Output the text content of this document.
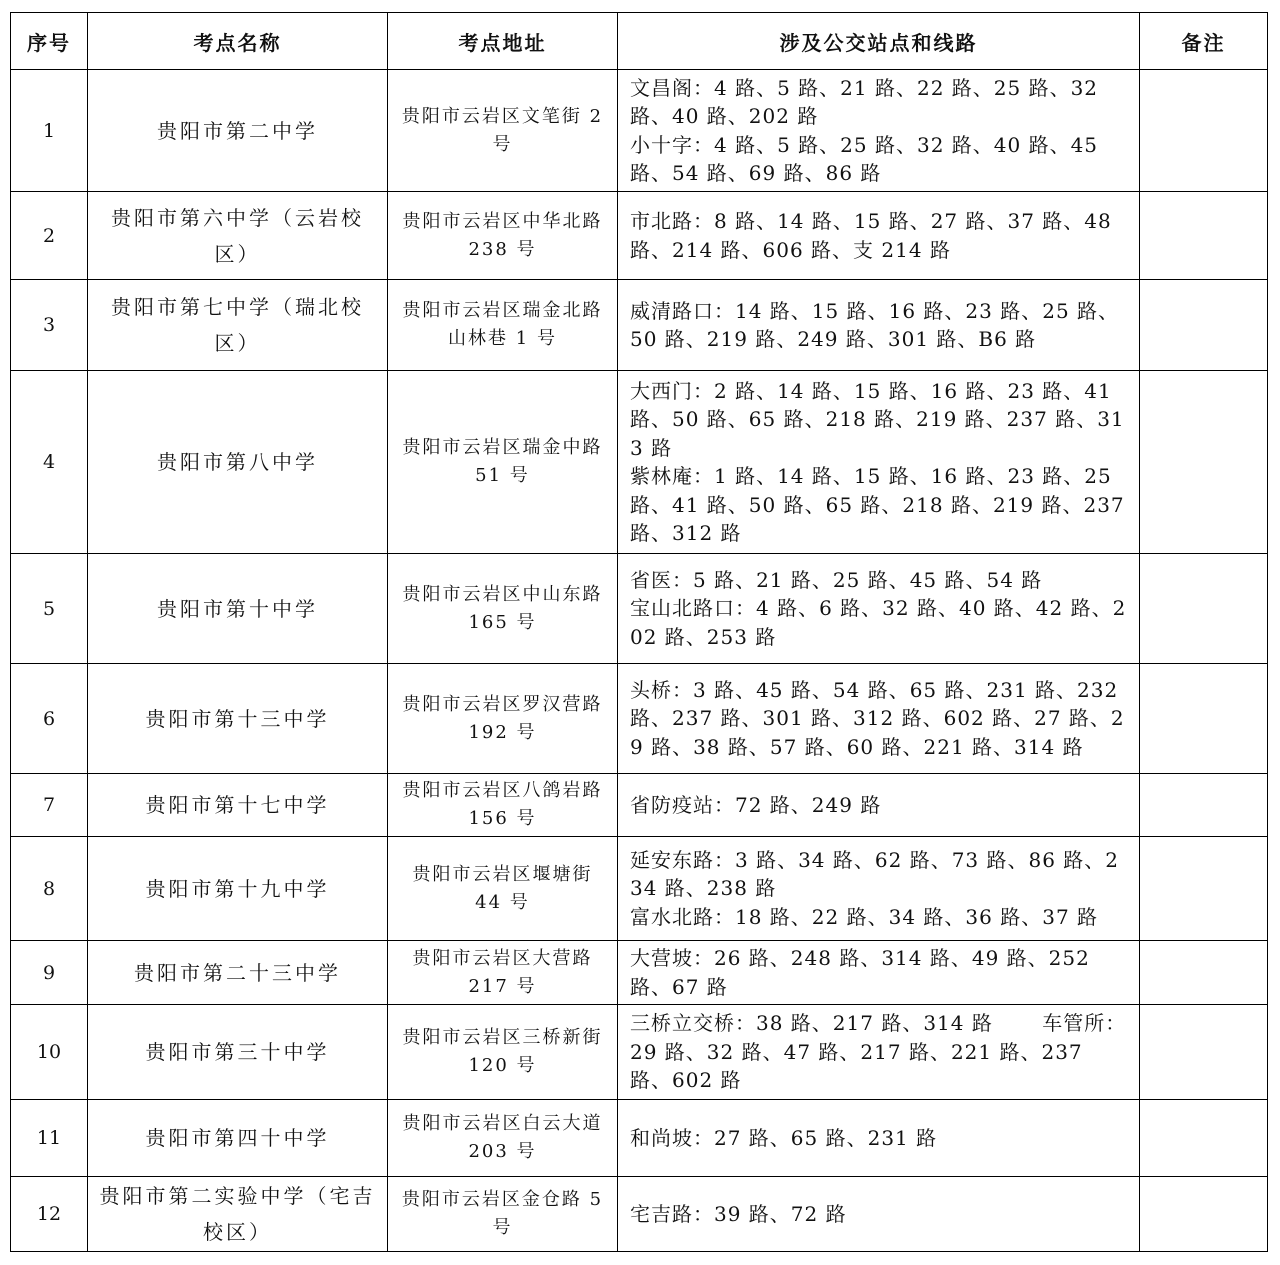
序号	考点名称	考点地址	涉及公交站点和线路	备注
1	贵阳市第二中学	贵阳市云岩区文笔街 2 号	文昌阁：4 路、5 路、21 路、22 路、25 路、32 路、40 路、202 路
小十字：4 路、5 路、25 路、32 路、40 路、45 路、54 路、69 路、86 路	

2	贵阳市第六中学（云岩校区）	贵阳市云岩区中华北路 238 号	市北路：8 路、14 路、15 路、27 路、37 路、48 路、214 路、606 路、支 214 路	

3	贵阳市第七中学（瑞北校区）	贵阳市云岩区瑞金北路山林巷 1 号	威清路口：14 路、15 路、16 路、23 路、25 路、50 路、219 路、249 路、301 路、B6 路	

4	贵阳市第八中学	贵阳市云岩区瑞金中路 51 号	大西门：2 路、14 路、15 路、16 路、23 路、41 路、50 路、65 路、218 路、219 路、237 路、313 路
紫林庵：1 路、14 路、15 路、16 路、23 路、25 路、41 路、50 路、65 路、218 路、219 路、237 路、312 路	

5	贵阳市第十中学	贵阳市云岩区中山东路 165 号	省医：5 路、21 路、25 路、45 路、54 路
宝山北路口：4 路、6 路、32 路、40 路、42 路、202 路、253 路	

6	贵阳市第十三中学	贵阳市云岩区罗汉营路 192 号	头桥：3 路、45 路、54 路、65 路、231 路、232 路、237 路、301 路、312 路、602 路、27 路、29 路、38 路、57 路、60 路、221 路、314 路	

7	贵阳市第十七中学	贵阳市云岩区八鸽岩路 156 号	省防疫站：72 路、249 路	

8	贵阳市第十九中学	贵阳市云岩区堰塘街 44 号	延安东路：3 路、34 路、62 路、73 路、86 路、234 路、238 路
富水北路：18 路、22 路、34 路、36 路、37 路	

9	贵阳市第二十三中学	贵阳市云岩区大营路 217 号	大营坡：26 路、248 路、314 路、49 路、252 路、67 路	

10	贵阳市第三十中学	贵阳市云岩区三桥新街 120 号	三桥立交桥：38 路、217 路、314 路　　 车管所：29 路、32 路、47 路、217 路、221 路、237 路、602 路	

11	贵阳市第四十中学	贵阳市云岩区白云大道 203 号	和尚坡：27 路、65 路、231 路	

12	贵阳市第二实验中学（宅吉校区）	贵阳市云岩区金仓路 5 号	宅吉路：39 路、72 路	
